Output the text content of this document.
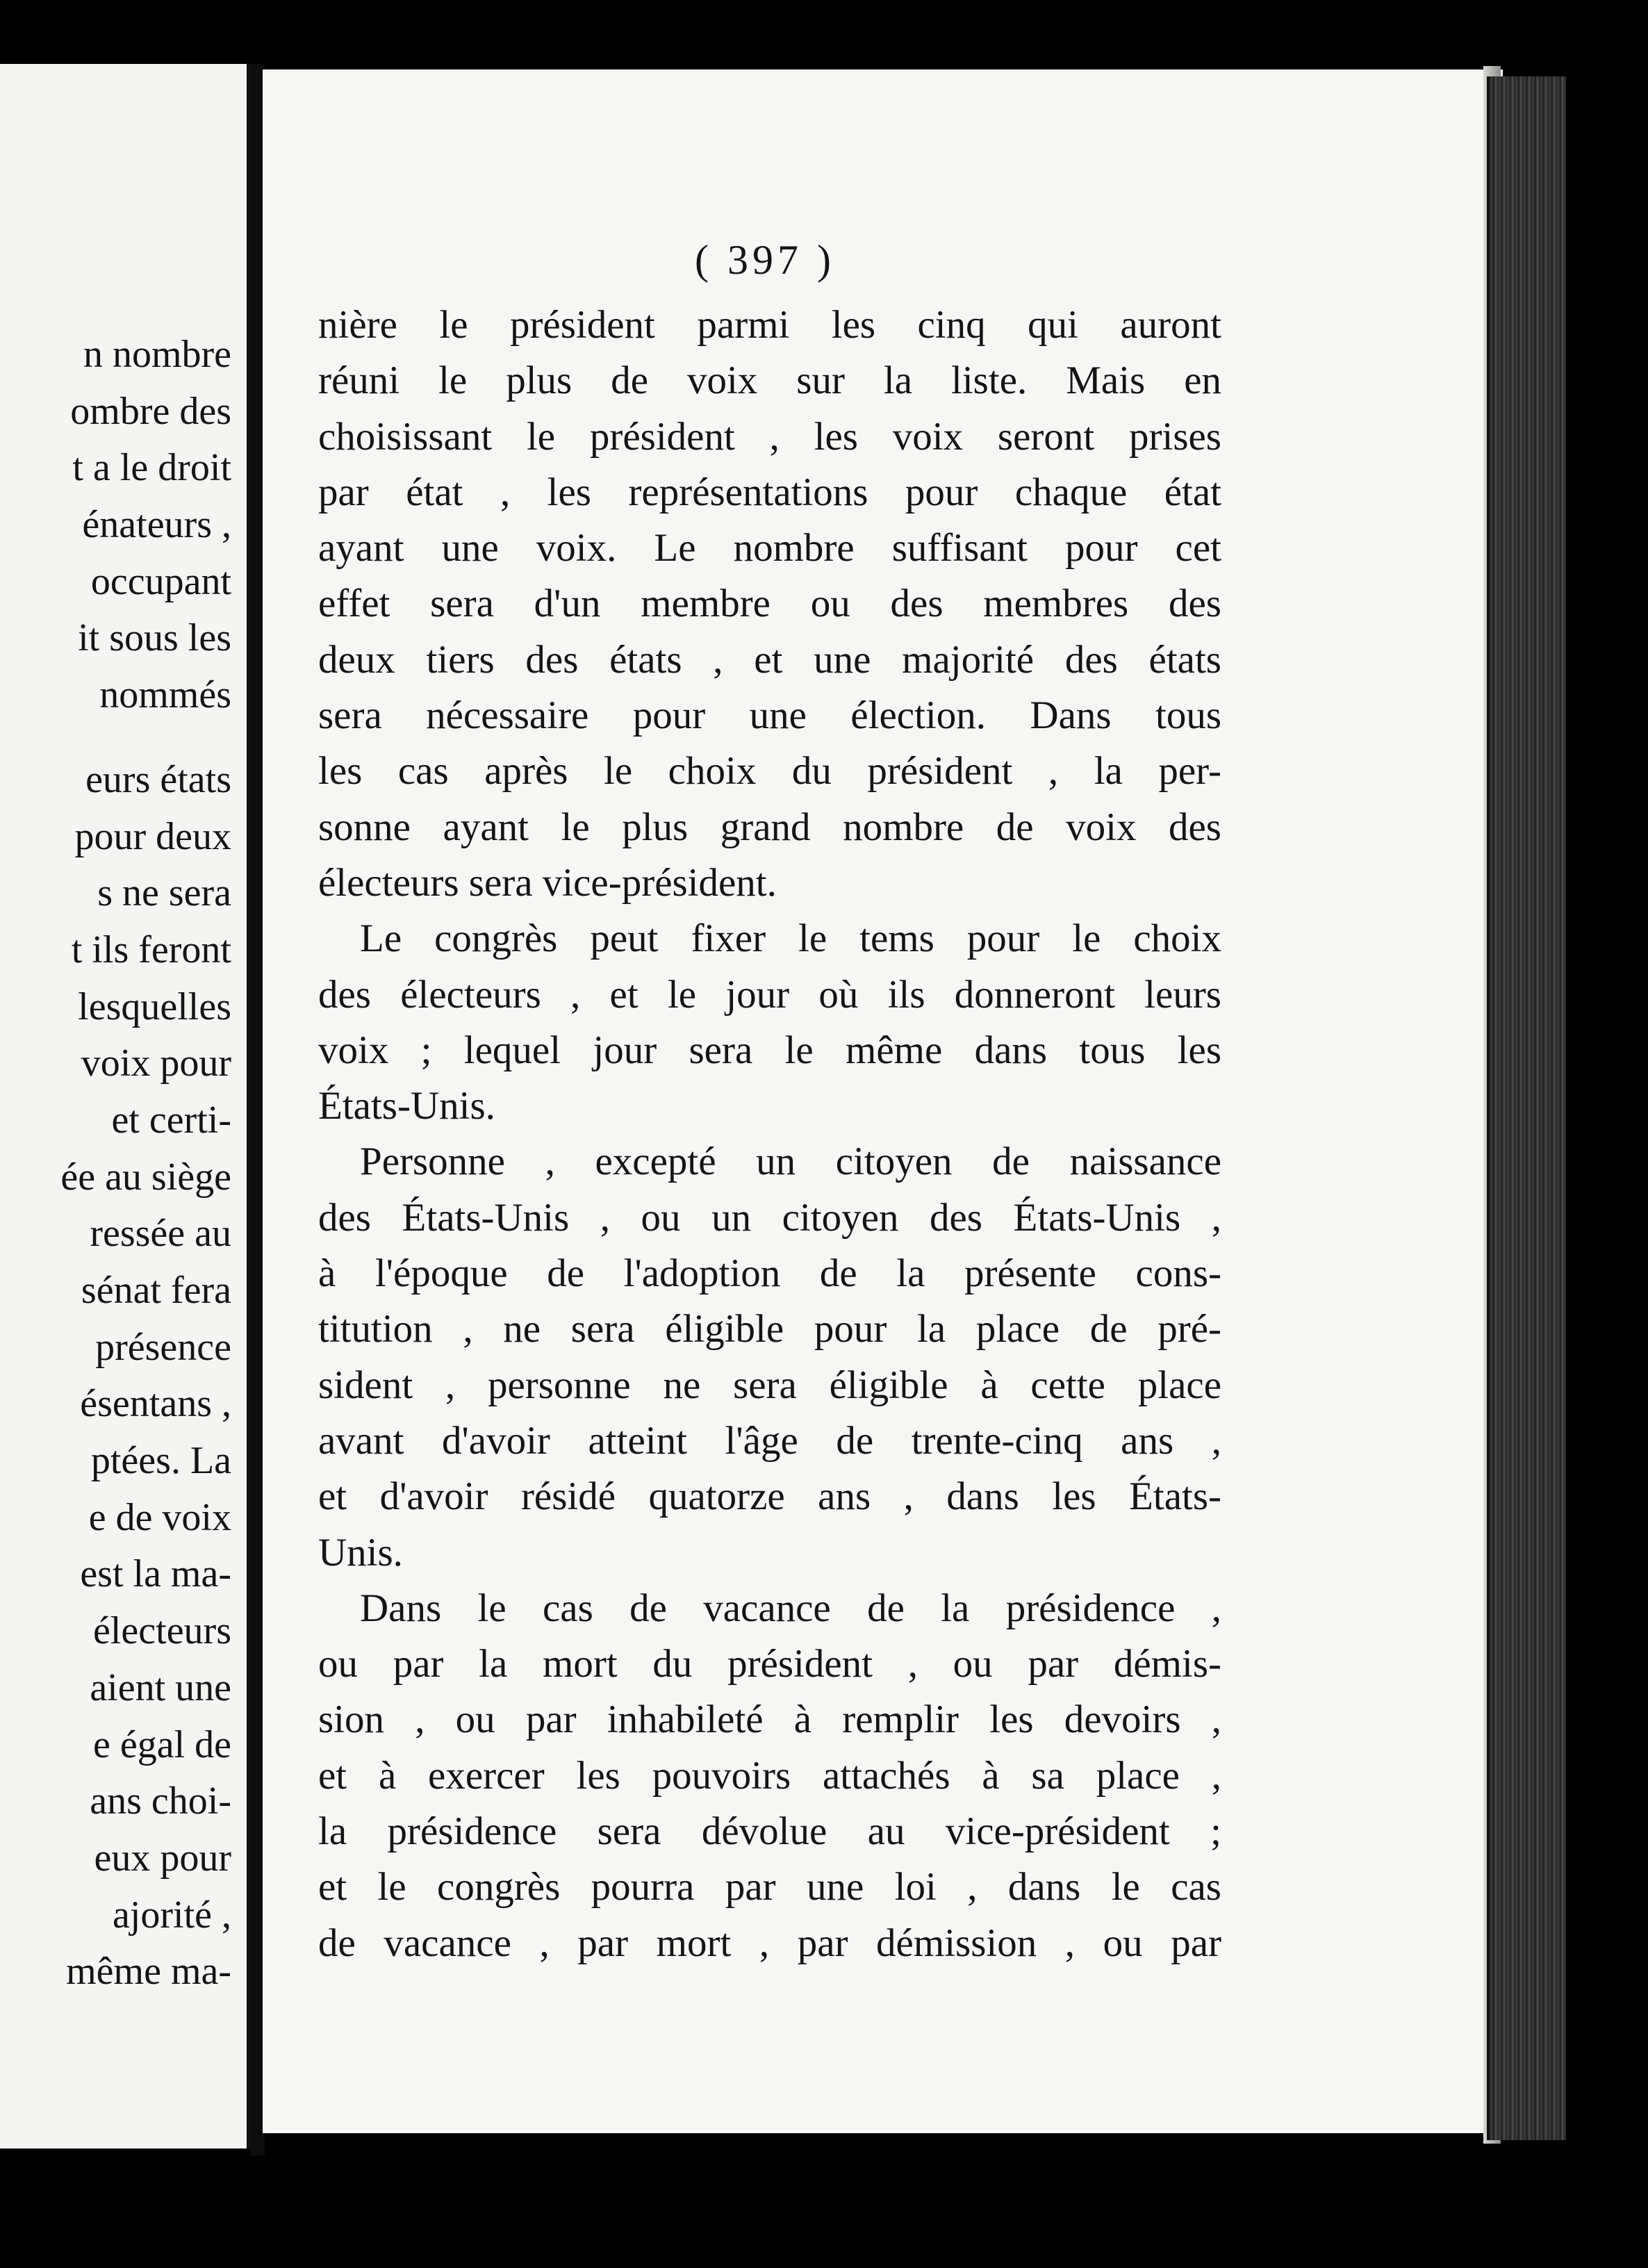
n nombre
ombre des
t a le droit
énateurs ,
occupant
it sous les
nommés
eurs états
pour deux
s ne sera
t ils feront
lesquelles
voix pour
et certi-
ée au siège
ressée au
sénat fera
présence
ésentans ,
ptées. La
e de voix
est la ma-
électeurs
aient une
e égal de
ans choi-
eux pour
ajorité ,
même ma-
( 397 )
nière le président parmi les cinq qui auront
réuni le plus de voix sur la liste. Mais en
choisissant le président , les voix seront prises
par état , les représentations pour chaque état
ayant une voix. Le nombre suffisant pour cet
effet sera d'un membre ou des membres des
deux tiers des états , et une majorité des états
sera nécessaire pour une élection. Dans tous
les cas après le choix du président , la per-
sonne ayant le plus grand nombre de voix des
électeurs sera vice-président.
Le congrès peut fixer le tems pour le choix
des électeurs , et le jour où ils donneront leurs
voix ; lequel jour sera le même dans tous les
États-Unis.
Personne , excepté un citoyen de naissance
des États-Unis , ou un citoyen des États-Unis ,
à l'époque de l'adoption de la présente cons-
titution , ne sera éligible pour la place de pré-
sident , personne ne sera éligible à cette place
avant d'avoir atteint l'âge de trente-cinq ans ,
et d'avoir résidé quatorze ans , dans les États-
Unis.
Dans le cas de vacance de la présidence ,
ou par la mort du président , ou par démis-
sion , ou par inhabileté à remplir les devoirs ,
et à exercer les pouvoirs attachés à sa place ,
la présidence sera dévolue au vice-président ;
et le congrès pourra par une loi , dans le cas
de vacance , par mort , par démission , ou par
